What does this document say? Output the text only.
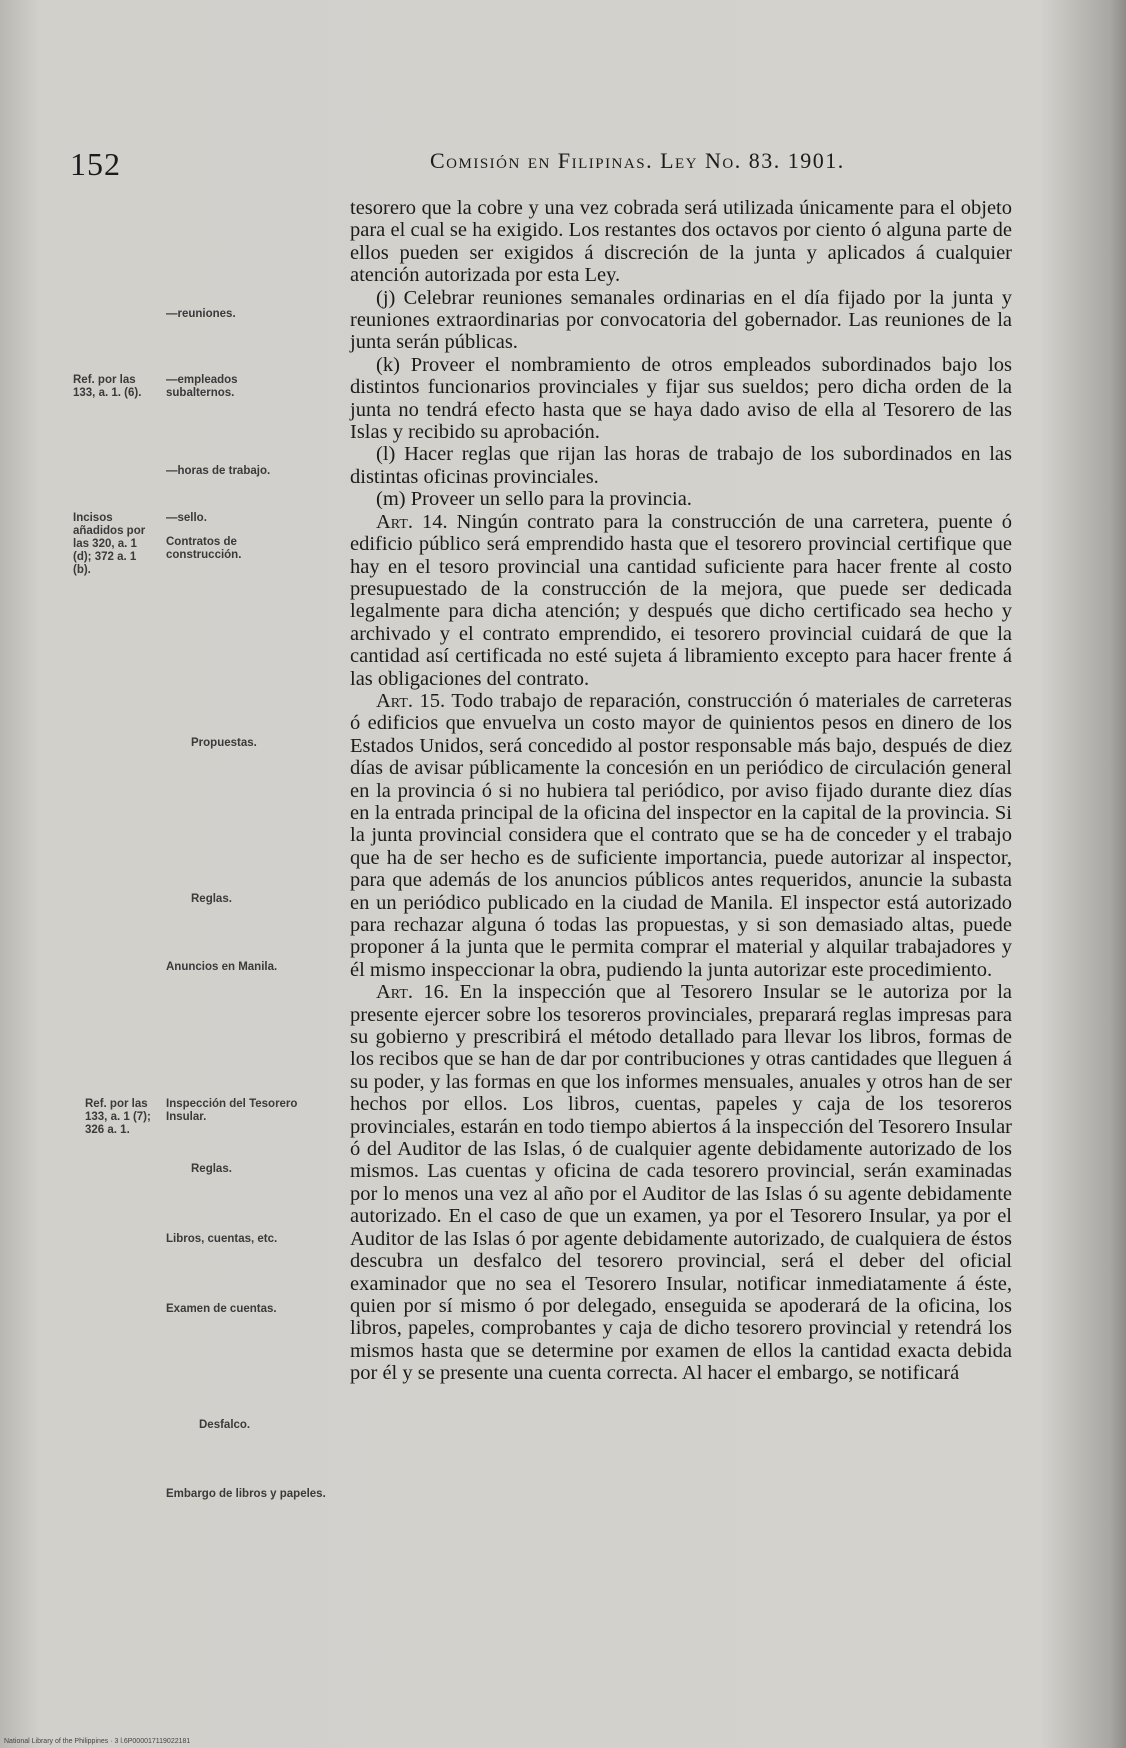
152	Comisión en Filipinas. Ley No. 83. 1901.
—reuniones.
Ref. por las 133, a. 1. (6).
—empleados subalternos.
—horas de trabajo.
Incisos añadidos por las 320, a. 1 (d); 372 a. 1 (b).
—sello.
Contratos de construcción.
Propuestas.
Reglas.
Anuncios en Manila.
Ref. por las 133, a. 1 (7); 326 a. 1.
Inspección del Tesorero Insular.
Reglas.
Libros, cuentas, etc.
Examen de cuentas.
Desfalco.
Embargo de libros y papeles.

tesorero que la cobre y una vez cobrada será utilizada únicamente para el objeto para el cual se ha exigido. Los restantes dos octavos por ciento ó alguna parte de ellos pueden ser exigidos á discreción de la junta y aplicados á cualquier atención autorizada por esta Ley.

(j) Celebrar reuniones semanales ordinarias en el día fijado por la junta y reuniones extraordinarias por convocatoria del gobernador. Las reuniones de la junta serán públicas.

(k) Proveer el nombramiento de otros empleados subordinados bajo los distintos funcionarios provinciales y fijar sus sueldos; pero dicha orden de la junta no tendrá efecto hasta que se haya dado aviso de ella al Tesorero de las Islas y recibido su aprobación.

(l) Hacer reglas que rijan las horas de trabajo de los subordinados en las distintas oficinas provinciales.

(m) Proveer un sello para la provincia.

Art. 14. Ningún contrato para la construcción de una carretera, puente ó edificio público será emprendido hasta que el tesorero provincial certifique que hay en el tesoro provincial una cantidad suficiente para hacer frente al costo presupuestado de la construcción de la mejora, que puede ser dedicada legalmente para dicha atención; y después que dicho certificado sea hecho y archivado y el contrato emprendido, ei tesorero provincial cuidará de que la cantidad así certificada no esté sujeta á libramiento excepto para hacer frente á las obligaciones del contrato.

Art. 15. Todo trabajo de reparación, construcción ó materiales de carreteras ó edificios que envuelva un costo mayor de quinientos pesos en dinero de los Estados Unidos, será concedido al postor responsable más bajo, después de diez días de avisar públicamente la concesión en un periódico de circulación general en la provincia ó si no hubiera tal periódico, por aviso fijado durante diez días en la entrada principal de la oficina del inspector en la capital de la provincia. Si la junta provincial considera que el contrato que se ha de conceder y el trabajo que ha de ser hecho es de suficiente importancia, puede autorizar al inspector, para que además de los anuncios públicos antes requeridos, anuncie la subasta en un periódico publicado en la ciudad de Manila. El inspector está autorizado para rechazar alguna ó todas las propuestas, y si son demasiado altas, puede proponer á la junta que le permita comprar el material y alquilar trabajadores y él mismo inspeccionar la obra, pudiendo la junta autorizar este procedimiento.

Art. 16. En la inspección que al Tesorero Insular se le autoriza por la presente ejercer sobre los tesoreros provinciales, preparará reglas impresas para su gobierno y prescribirá el método detallado para llevar los libros, formas de los recibos que se han de dar por contribuciones y otras cantidades que lleguen á su poder, y las formas en que los informes mensuales, anuales y otros han de ser hechos por ellos. Los libros, cuentas, papeles y caja de los tesoreros provinciales, estarán en todo tiempo abiertos á la inspección del Tesorero Insular ó del Auditor de las Islas, ó de cualquier agente debidamente autorizado de los mismos. Las cuentas y oficina de cada tesorero provincial, serán examinadas por lo menos una vez al año por el Auditor de las Islas ó su agente debidamente autorizado. En el caso de que un examen, ya por el Tesorero Insular, ya por el Auditor de las Islas ó por agente debidamente autorizado, de cualquiera de éstos descubra un desfalco del tesorero provincial, será el deber del oficial examinador que no sea el Tesorero Insular, notificar inmediatamente á éste, quien por sí mismo ó por delegado, enseguida se apoderará de la oficina, los libros, papeles, comprobantes y caja de dicho tesorero provincial y retendrá los mismos hasta que se determine por examen de ellos la cantidad exacta debida por él y se presente una cuenta correcta. Al hacer el embargo, se notificará

National Library of the Philippines · 3 l.6P000017119022181
